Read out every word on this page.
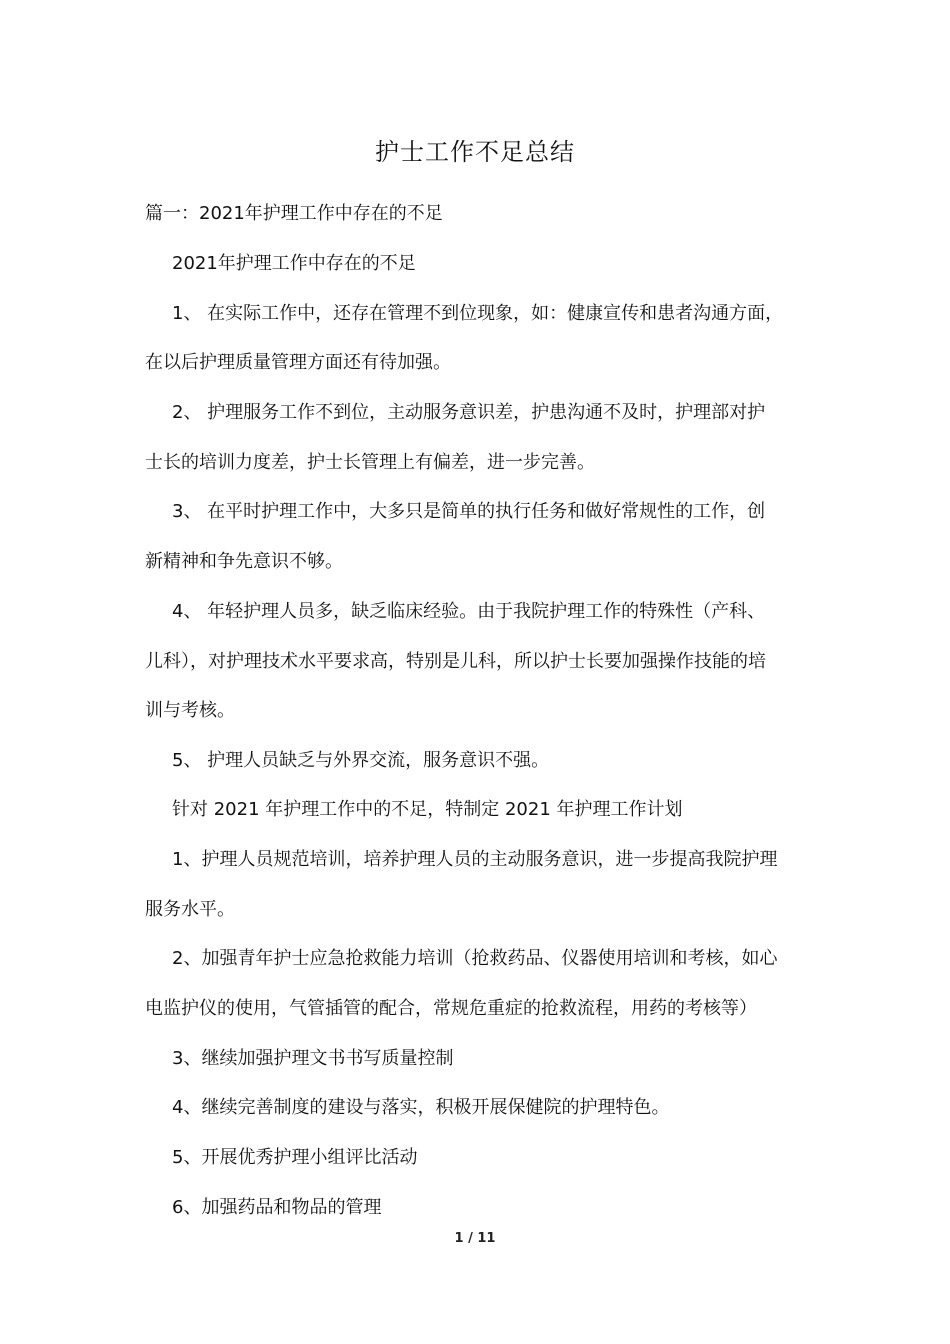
护士工作不足总结
篇一：2021年护理工作中存在的不足
2021年护理工作中存在的不足
1、 在实际工作中，还存在管理不到位现象，如：健康宣传和患者沟通方面，
在以后护理质量管理方面还有待加强。
2、 护理服务工作不到位，主动服务意识差，护患沟通不及时，护理部对护
士长的培训力度差，护士长管理上有偏差，进一步完善。
3、 在平时护理工作中，大多只是简单的执行任务和做好常规性的工作，创
新精神和争先意识不够。
4、 年轻护理人员多，缺乏临床经验。由于我院护理工作的特殊性（产科、
儿科），对护理技术水平要求高，特别是儿科，所以护士长要加强操作技能的培
训与考核。
5、 护理人员缺乏与外界交流，服务意识不强。
针对 2021 年护理工作中的不足，特制定 2021 年护理工作计划
1、护理人员规范培训，培养护理人员的主动服务意识，进一步提高我院护理
服务水平。
2、加强青年护士应急抢救能力培训（抢救药品、仪器使用培训和考核，如心
电监护仪的使用，气管插管的配合，常规危重症的抢救流程，用药的考核等）
3、继续加强护理文书书写质量控制
4、继续完善制度的建设与落实，积极开展保健院的护理特色。
5、开展优秀护理小组评比活动
6、加强药品和物品的管理
1 / 11
